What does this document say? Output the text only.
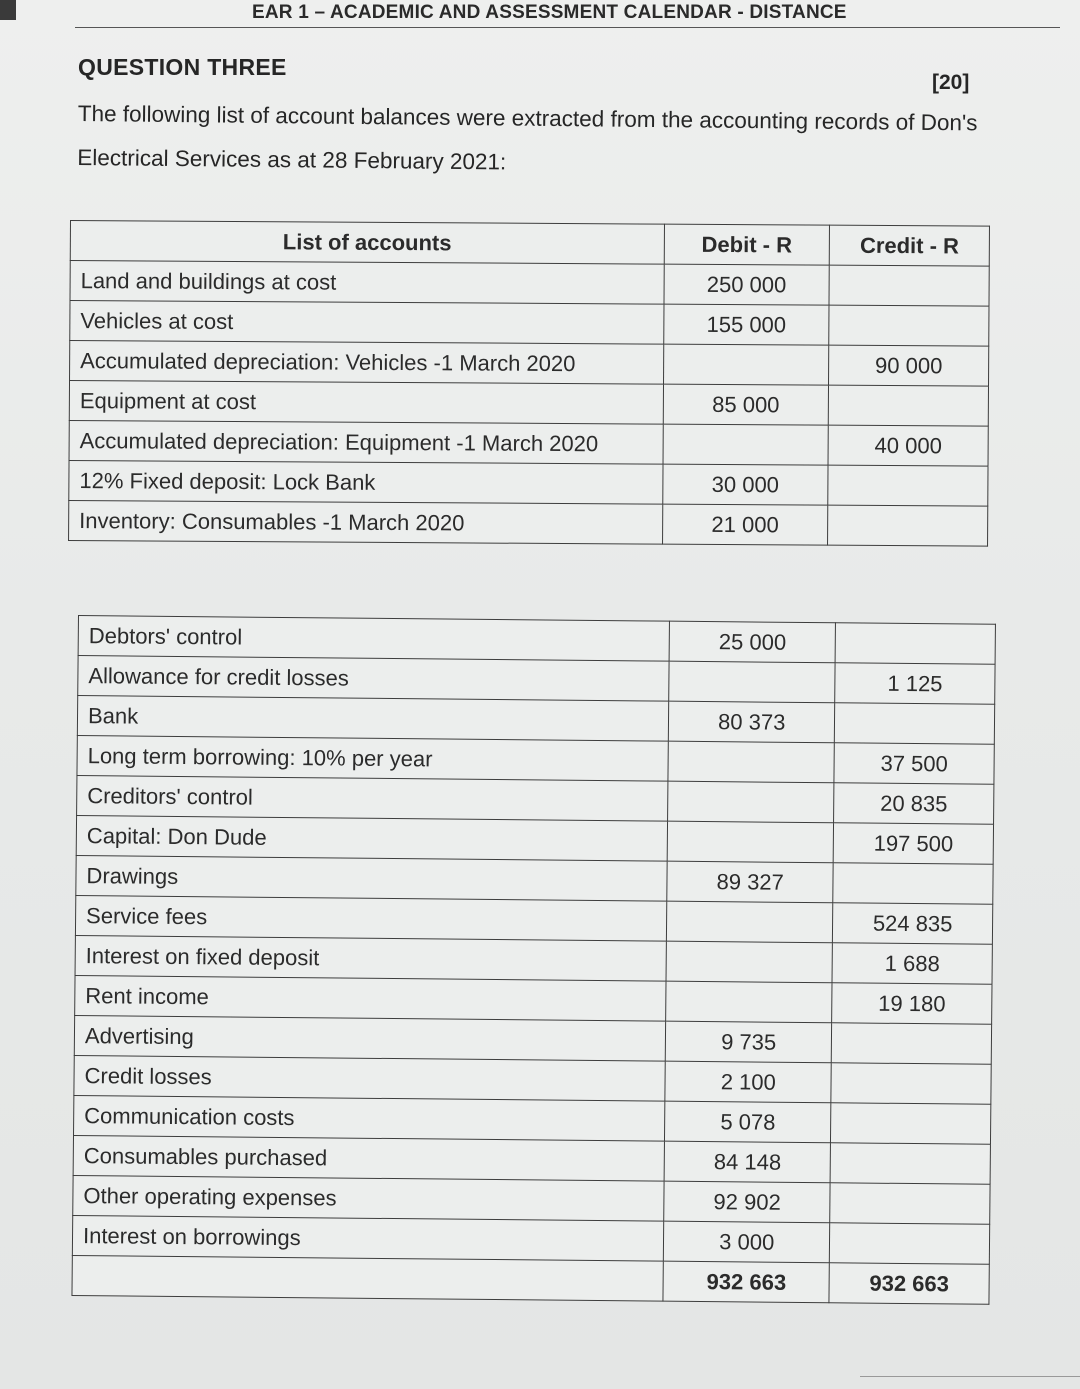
EAR 1 – ACADEMIC AND ASSESSMENT CALENDAR - DISTANCE
QUESTION THREE
[20]
The following list of account balances were extracted from the accounting records of Don's Electrical Services as at 28 February 2021:
List of accounts	Debit - R	Credit - R
Land and buildings at cost	250 000	
Vehicles at cost	155 000	
Accumulated depreciation: Vehicles -1 March 2020		90 000
Equipment at cost	85 000	
Accumulated depreciation: Equipment -1 March 2020		40 000
12% Fixed deposit: Lock Bank	30 000	
Inventory: Consumables -1 March 2020	21 000	
Debtors' control	25 000	
Allowance for credit losses		1 125
Bank	80 373	
Long term borrowing: 10% per year		37 500
Creditors' control		20 835
Capital: Don Dude		197 500
Drawings	89 327	
Service fees		524 835
Interest on fixed deposit		1 688
Rent income		19 180
Advertising	9 735	
Credit losses	2 100	
Communication costs	5 078	
Consumables purchased	84 148	
Other operating expenses	92 902	
Interest on borrowings	3 000	
	932 663	932 663
